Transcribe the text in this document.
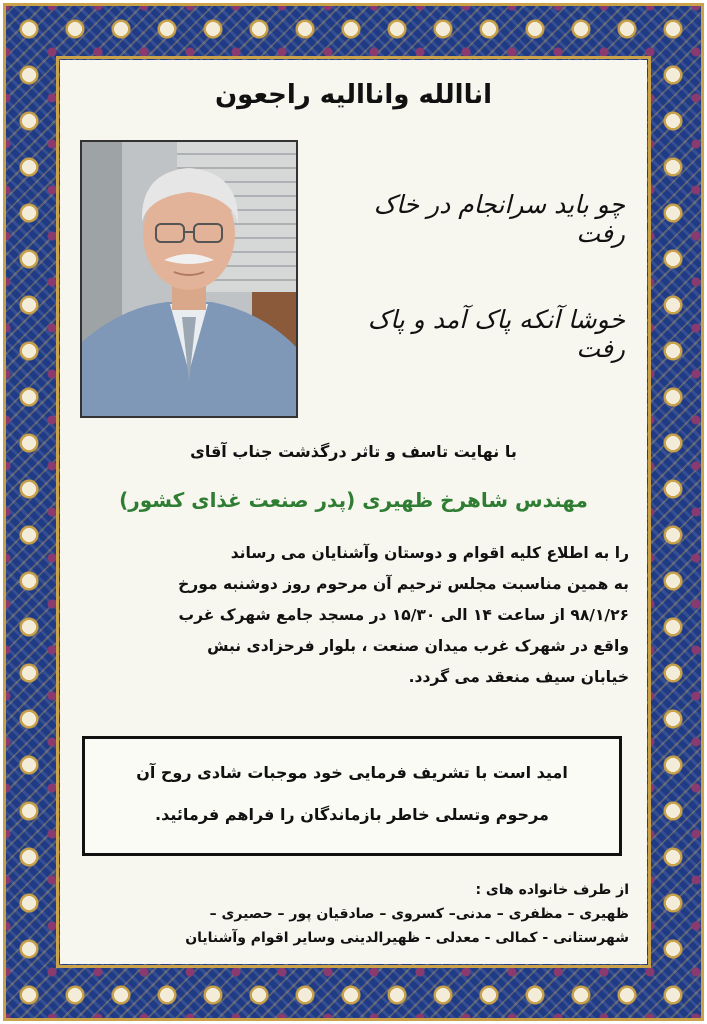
اناالله وانااليه راجعون
چو باید سرانجام در خاک رفت
خوشا آنکه پاک آمد و پاک رفت
با نهایت تاسف و تاثر درگذشت جناب آقای
مهندس شاهرخ ظهیری (پدر صنعت غذای کشور)
را به اطلاع کلیه اقوام و دوستان وآشنایان می رساند
به همین مناسبت مجلس ترحیم آن مرحوم روز دوشنبه مورخ
۹۸/۱/۲۶ از ساعت ۱۴ الی ۱۵/۳۰ در مسجد جامع شهرک غرب
واقع در شهرک غرب میدان صنعت ، بلوار فرحزادی نبش
خیابان سیف منعقد می گردد.
امید است با تشریف فرمایی خود موجبات شادی روح آن
مرحوم وتسلی خاطر بازماندگان را فراهم فرمائید.
از طرف خانواده های :
ظهیری – مظفری – مدنی– کسروی – صادقیان پور – حصیری –
شهرستانی - کمالی - معدلی - ظهیرالدینی وسایر اقوام وآشنایان
